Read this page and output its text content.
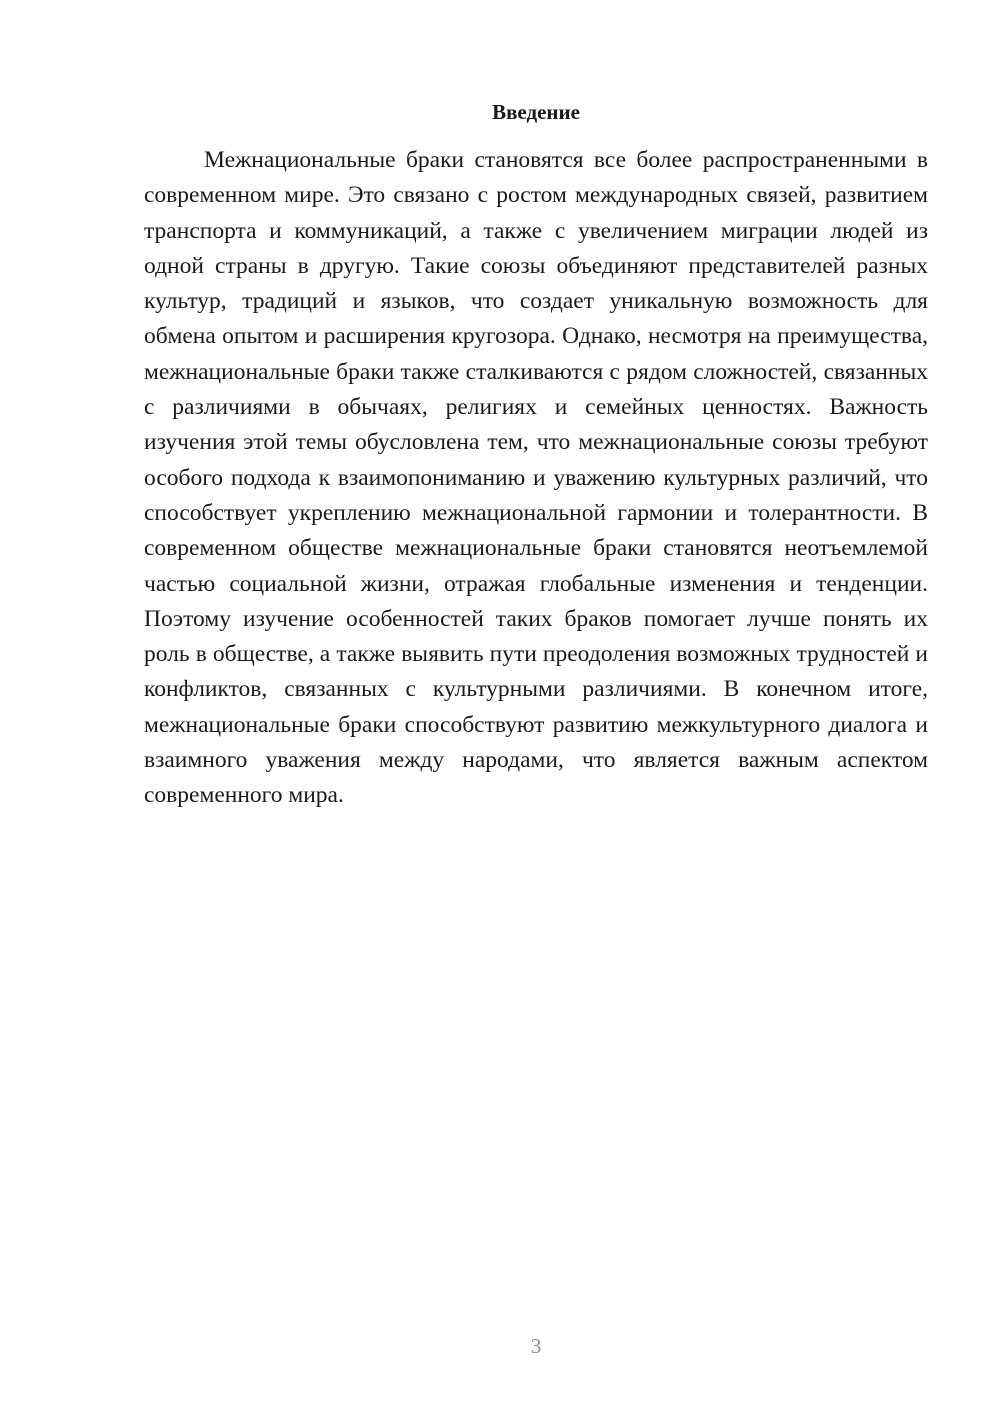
Введение

Межнациональные браки становятся все более распространенными в современном мире. Это связано с ростом международных связей, развитием транспорта и коммуникаций, а также с увеличением миграции людей из одной страны в другую. Такие союзы объединяют представителей разных культур, традиций и языков, что создает уникальную возможность для обмена опытом и расширения кругозора. Однако, несмотря на преимущества, межнациональные браки также сталкиваются с рядом сложностей, связанных с различиями в обычаях, религиях и семейных ценностях. Важность изучения этой темы обусловлена тем, что межнациональные союзы требуют особого подхода к взаимопониманию и уважению культурных различий, что способствует укреплению межнациональной гармонии и толерантности. В современном обществе межнациональные браки становятся неотъемлемой частью социальной жизни, отражая глобальные изменения и тенденции. Поэтому изучение особенностей таких браков помогает лучше понять их роль в обществе, а также выявить пути преодоления возможных трудностей и конфликтов, связанных с культурными различиями. В конечном итоге, межнациональные браки способствуют развитию межкультурного диалога и взаимного уважения между народами, что является важным аспектом современного мира.

3
